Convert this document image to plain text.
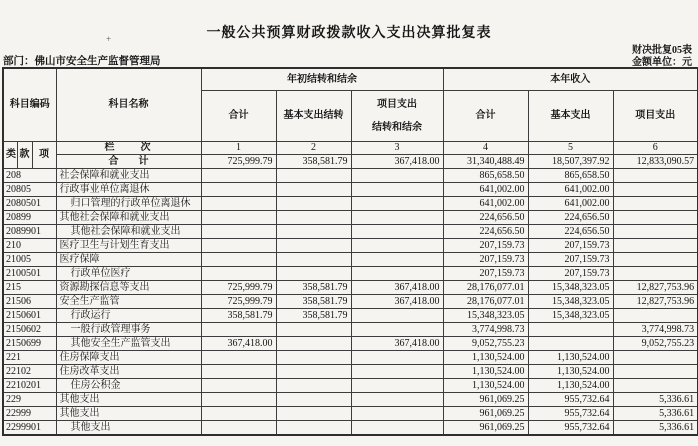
一般公共预算财政拨款收入支出决算批复表
+
财决批复05表
金额单位：元
部门：佛山市安全生产监督管理局
科目编码			科目名称	年初结转和结余			本年收入		
				合计	基本支出结转	项目支出
结转和结余	合计	基本支出	项目支出
类	款	项	栏　　次	1	2	3	4	5	6
			合　　计	725,999.79	358,581.79	367,418.00	31,340,488.49	18,507,397.92	12,833,090.57
208			社会保障和就业支出				865,658.50	865,658.50	
20805			行政事业单位离退休				641,002.00	641,002.00	
2080501			归口管理的行政单位离退休				641,002.00	641,002.00	
20899			其他社会保障和就业支出				224,656.50	224,656.50	
2089901			其他社会保障和就业支出				224,656.50	224,656.50	
210			医疗卫生与计划生育支出				207,159.73	207,159.73	
21005			医疗保障				207,159.73	207,159.73	
2100501			行政单位医疗				207,159.73	207,159.73	
215			资源勘探信息等支出	725,999.79	358,581.79	367,418.00	28,176,077.01	15,348,323.05	12,827,753.96
21506			安全生产监管	725,999.79	358,581.79	367,418.00	28,176,077.01	15,348,323.05	12,827,753.96
2150601			行政运行	358,581.79	358,581.79		15,348,323.05	15,348,323.05	
2150602			一般行政管理事务				3,774,998.73		3,774,998.73
2150699			其他安全生产监管支出	367,418.00		367,418.00	9,052,755.23		9,052,755.23
221			住房保障支出				1,130,524.00	1,130,524.00	
22102			住房改革支出				1,130,524.00	1,130,524.00	
2210201			住房公积金				1,130,524.00	1,130,524.00	
229			其他支出				961,069.25	955,732.64	5,336.61
22999			其他支出				961,069.25	955,732.64	5,336.61
2299901			其他支出				961,069.25	955,732.64	5,336.61
